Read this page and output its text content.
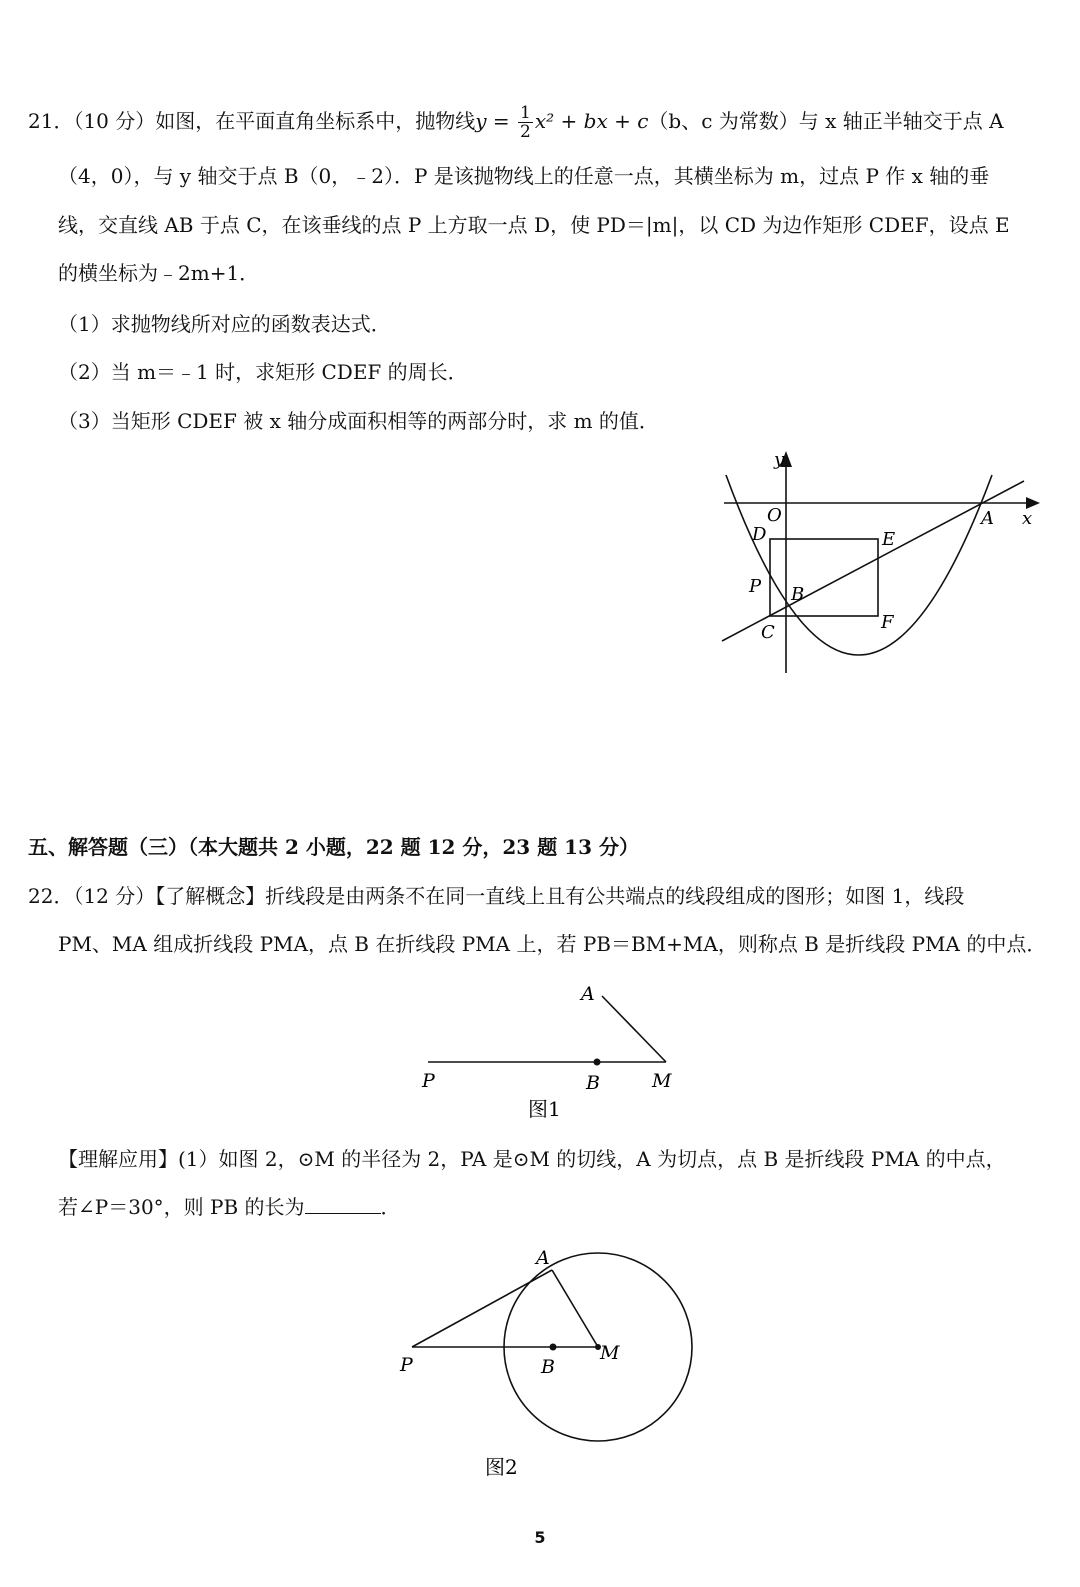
21．（10 分）如图，在平面直角坐标系中，抛物线$y = \frac{1}{2} x^2$ + bx + c（b、c 为常数）与 x 轴正半轴交于点 A
（4，0），与 y 轴交于点 B（0，﹣2）．P 是该抛物线上的任意一点，其横坐标为 m，过点 P 作 x 轴的垂
线，交直线 AB 于点 C，在该垂线的点 P 上方取一点 D，使 PD＝|m|，以 CD 为边作矩形 CDEF，设点 E
的横坐标为﹣2m+1．
（1）求抛物线所对应的函数表达式．
（2）当 m＝﹣1 时，求矩形 CDEF 的周长．
（3）当矩形 CDEF 被 x 轴分成面积相等的两部分时，求 m 的值．
y
x
O	A
D	E
P B
C	F
五、解答题（三）（本大题共 2 小题，22 题 12 分，23 题 13 分）
22．（12 分）【了解概念】折线段是由两条不在同一直线上且有公共端点的线段组成的图形；如图 1，线段
PM、MA 组成折线段 PMA，点 B 在折线段 PMA 上，若 PB＝BM+MA，则称点 B 是折线段 PMA 的中点．
A
P	B	M
图1
【理解应用】(1）如图 2，⊙M 的半径为 2，PA 是⊙M 的切线，A 为切点，点 B 是折线段 PMA 的中点，
若∠P＝30°，则 PB 的长为	．
A
P	B
M
图2
5
